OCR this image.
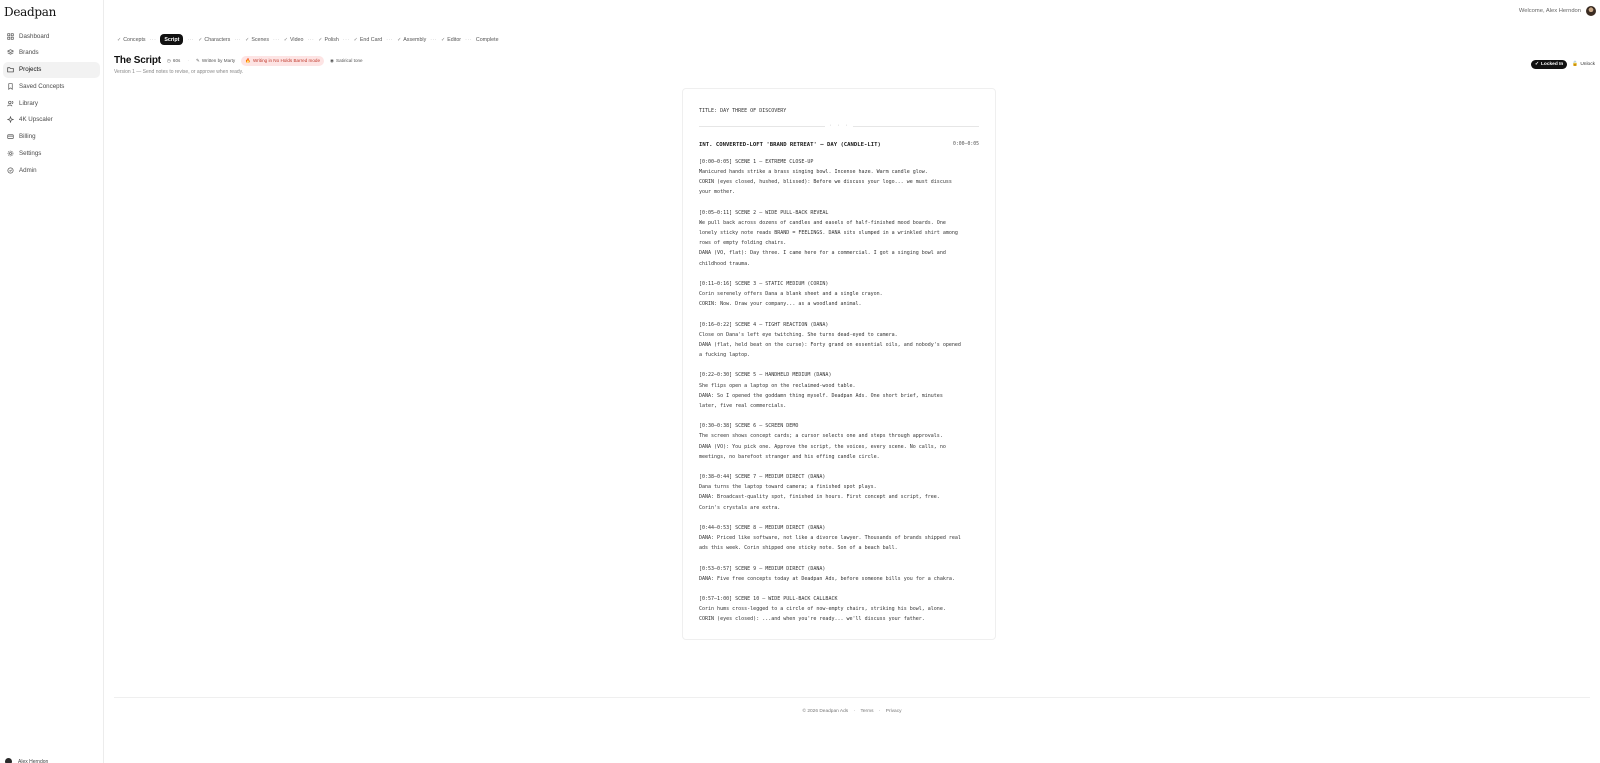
Deadpan
Dashboard
Brands
Projects
Saved Concepts
Library
4K Upscaler
Billing
Settings
Admin
Alex Herndon
Welcome, Alex Herndon
✓ Concepts ··· Script ··· ✓ Characters ··· ✓ Scenes ··· ✓ Video ··· ✓ Polish ··· ✓ End Card ··· ✓ Assembly ··· ✓ Editor ··· Complete
The Script ◷ 60s · ✎ Written by Marty 🔥 Writing in No Holds Barred mode ◉ Satirical tone
Version 1 — Send notes to revise, or approve when ready.
✓ Locked In 🔓 Unlock
TITLE: DAY THREE OF DISCOVERY
· · ·
INT. CONVERTED-LOFT 'BRAND RETREAT' – DAY (CANDLE-LIT)	0:00–0:05
[0:00–0:05] SCENE 1 – EXTREME CLOSE-UP
Manicured hands strike a brass singing bowl. Incense haze. Warm candle glow.
CORIN (eyes closed, hushed, blissed): Before we discuss your logo... we must discuss
your mother.
[0:05–0:11] SCENE 2 – WIDE PULL-BACK REVEAL
We pull back across dozens of candles and easels of half-finished mood boards. One
lonely sticky note reads BRAND = FEELINGS. DANA sits slumped in a wrinkled shirt among
rows of empty folding chairs.
DANA (VO, flat): Day three. I came here for a commercial. I got a singing bowl and
childhood trauma.
[0:11–0:16] SCENE 3 – STATIC MEDIUM (CORIN)
Corin serenely offers Dana a blank sheet and a single crayon.
CORIN: Now. Draw your company... as a woodland animal.
[0:16–0:22] SCENE 4 – TIGHT REACTION (DANA)
Close on Dana's left eye twitching. She turns dead-eyed to camera.
DANA (flat, held beat on the curse): Forty grand on essential oils, and nobody's opened
a fucking laptop.
[0:22–0:30] SCENE 5 – HANDHELD MEDIUM (DANA)
She flips open a laptop on the reclaimed-wood table.
DANA: So I opened the goddamn thing myself. Deadpan Ads. One short brief, minutes
later, five real commercials.
[0:30–0:38] SCENE 6 – SCREEN DEMO
The screen shows concept cards; a cursor selects one and steps through approvals.
DANA (VO): You pick one. Approve the script, the voices, every scene. No calls, no
meetings, no barefoot stranger and his effing candle circle.
[0:38–0:44] SCENE 7 – MEDIUM DIRECT (DANA)
Dana turns the laptop toward camera; a finished spot plays.
DANA: Broadcast-quality spot, finished in hours. First concept and script, free.
Corin's crystals are extra.
[0:44–0:53] SCENE 8 – MEDIUM DIRECT (DANA)
DANA: Priced like software, not like a divorce lawyer. Thousands of brands shipped real
ads this week. Corin shipped one sticky note. Son of a beach ball.
[0:53–0:57] SCENE 9 – MEDIUM DIRECT (DANA)
DANA: Five free concepts today at Deadpan Ads, before someone bills you for a chakra.
[0:57–1:00] SCENE 10 – WIDE PULL-BACK CALLBACK
Corin hums cross-legged to a circle of now-empty chairs, striking his bowl, alone.
CORIN (eyes closed): ...and when you're ready... we'll discuss your father.
© 2026 Deadpan Ads · Terms · Privacy
